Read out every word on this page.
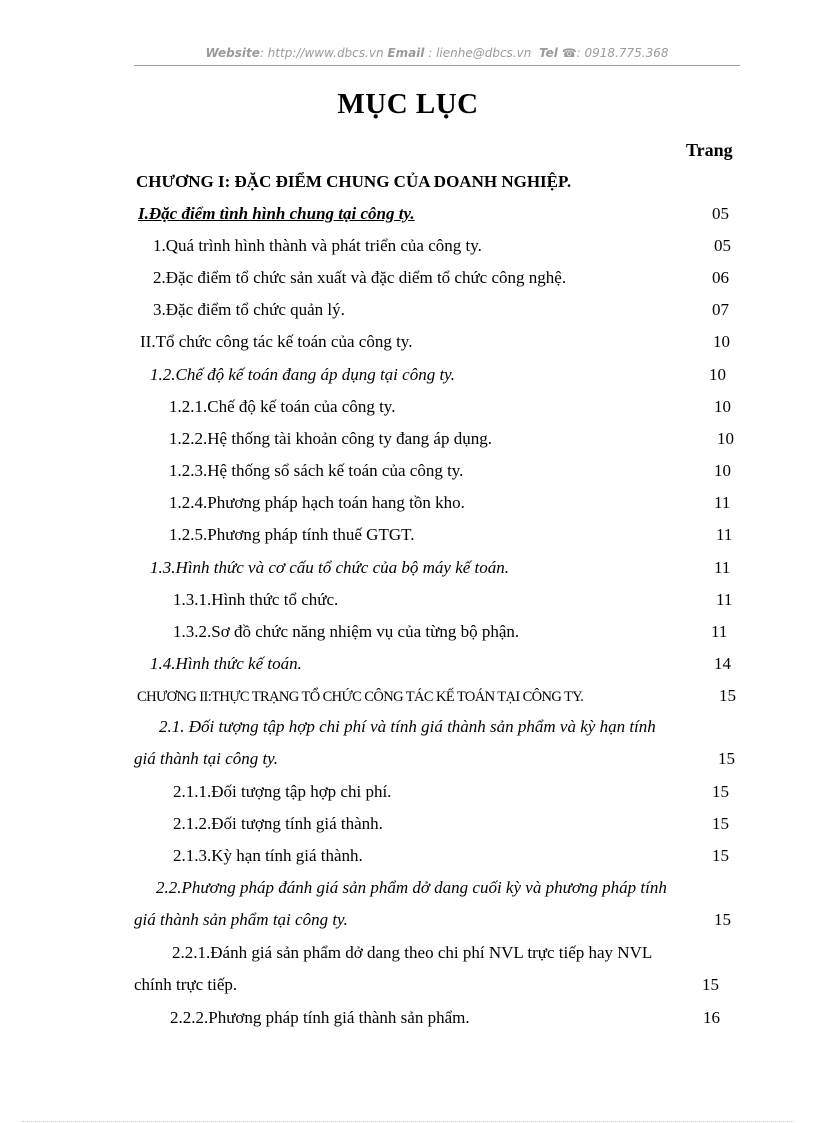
Website: http://www.dbcs.vn Email : lienhe@dbcs.vn Tel ☎: 0918.775.368
MỤC LỤC
Trang
CHƯƠNG I: ĐẶC ĐIỂM CHUNG CỦA DOANH NGHIỆP.
I.Đặc điểm tình hình chung tại công ty.	05
1.Quá trình hình thành và phát triển của công ty.	05
2.Đặc điểm tổ chức sản xuất và đặc diểm tổ chức công nghệ.	06
3.Đặc điểm tổ chức quản lý.	07
II.Tổ chức công tác kế toán của công ty.	10
1.2.Chế độ kế toán đang áp dụng tại công ty.	10
1.2.1.Chế độ kế toán của công ty.	10
1.2.2.Hệ thống tài khoản công ty đang áp dụng.	10
1.2.3.Hệ thống sổ sách kế toán của công ty.	10
1.2.4.Phương pháp hạch toán hang tồn kho.	11
1.2.5.Phương pháp tính thuế GTGT.	11
1.3.Hình thức và cơ cấu tổ chức của bộ máy kế toán.	11
1.3.1.Hình thức tổ chức.	11
1.3.2.Sơ đồ chức năng nhiệm vụ của từng bộ phận.	11
1.4.Hình thức kế toán.	14
CHƯƠNG II:THỰC TRẠNG TỔ CHỨC CÔNG TÁC KẾ TOÁN TẠI CÔNG TY.	15
2.1. Đối tượng tập hợp chi phí và tính giá thành sản phẩm và kỳ hạn tính
giá thành tại công ty.	15
2.1.1.Đối tượng tập hợp chi phí.	15
2.1.2.Đối tượng tính giá thành.	15
2.1.3.Kỳ hạn tính giá thành.	15
2.2.Phương pháp đánh giá sản phẩm dở dang cuối kỳ và phương pháp tính
giá thành sản phẩm tại công ty.	15
2.2.1.Đánh giá sản phẩm dở dang theo chi phí NVL trực tiếp hay NVL
chính trực tiếp.	15
2.2.2.Phương pháp tính giá thành sản phẩm.	16
